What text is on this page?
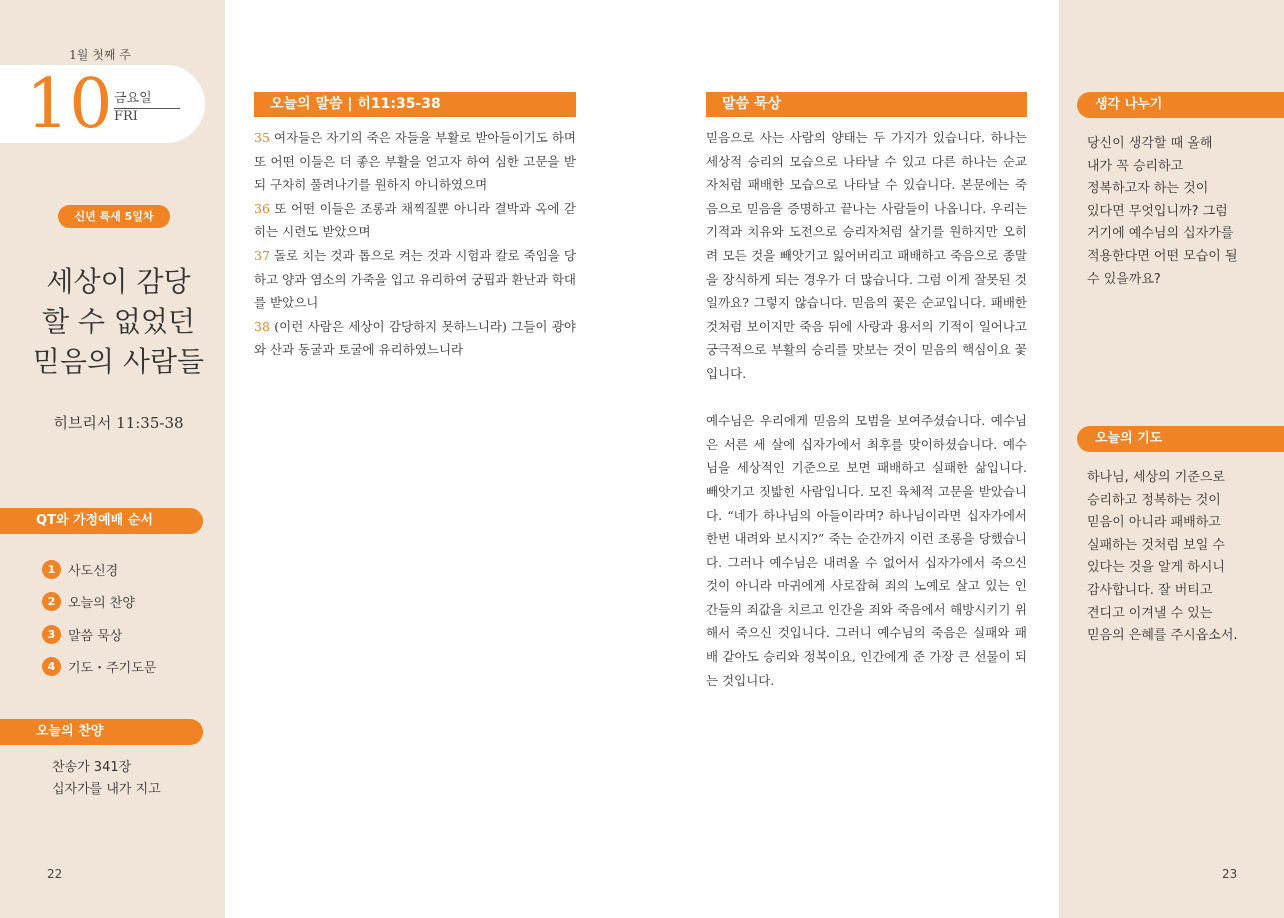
1월 첫째 주
10 금요일
FRI
신년 특새 5일차
세상이 감당
할 수 없었던
믿음의 사람들
히브리서 11:35-38
QT와 가정예배 순서
1 사도신경
2 오늘의 찬양
3 말씀 묵상
4 기도・주기도문
오늘의 찬양
찬송가 341장
십자가를 내가 지고
22
오늘의 말씀 | 히11:35-38
35 여자들은 자기의 죽은 자들을 부활로 받아들이기도 하며 또 어떤 이들은 더 좋은 부활을 얻고자 하여 심한 고문을 받되 구차히 풀려나기를 원하지 아니하였으며
36 또 어떤 이들은 조롱과 채찍질뿐 아니라 결박과 옥에 갇히는 시련도 받았으며
37 돌로 치는 것과 톱으로 켜는 것과 시험과 칼로 죽임을 당하고 양과 염소의 가죽을 입고 유리하여 궁핍과 환난과 학대를 받았으니
38 (이런 사람은 세상이 감당하지 못하느니라) 그들이 광야와 산과 동굴과 토굴에 유리하였느니라
말씀 묵상

믿음으로 사는 사람의 양태는 두 가지가 있습니다. 하나는 세상적 승리의 모습으로 나타날 수 있고 다른 하나는 순교자처럼 패배한 모습으로 나타날 수 있습니다. 본문에는 죽음으로 믿음을 증명하고 끝나는 사람들이 나옵니다. 우리는 기적과 치유와 도전으로 승리자처럼 살기를 원하지만 오히려 모든 것을 빼앗기고 잃어버리고 패배하고 죽음으로 종말을 장식하게 되는 경우가 더 많습니다. 그럼 이게 잘못된 것일까요? 그렇지 않습니다. 믿음의 꽃은 순교입니다. 패배한 것처럼 보이지만 죽음 뒤에 사랑과 용서의 기적이 일어나고 궁극적으로 부활의 승리를 맛보는 것이 믿음의 핵심이요 꽃입니다.

예수님은 우리에게 믿음의 모범을 보여주셨습니다. 예수님은 서른 세 살에 십자가에서 최후를 맞이하셨습니다. 예수님을 세상적인 기준으로 보면 패배하고 실패한 삶입니다. 빼앗기고 짓밟힌 사람입니다. 모진 육체적 고문을 받았습니다. “네가 하나님의 아들이라며? 하나님이라면 십자가에서 한번 내려와 보시지?” 죽는 순간까지 이런 조롱을 당했습니다. 그러나 예수님은 내려올 수 없어서 십자가에서 죽으신 것이 아니라 마귀에게 사로잡혀 죄의 노예로 살고 있는 인간들의 죄값을 치르고 인간을 죄와 죽음에서 해방시키기 위해서 죽으신 것입니다. 그러니 예수님의 죽음은 실패와 패배 같아도 승리와 정복이요, 인간에게 준 가장 큰 선물이 되는 것입니다.

생각 나누기
당신이 생각할 때 올해
내가 꼭 승리하고
정복하고자 하는 것이
있다면 무엇입니까? 그럼
거기에 예수님의 십자가를
적용한다면 어떤 모습이 될
수 있을까요?
오늘의 기도
하나님, 세상의 기준으로
승리하고 정복하는 것이
믿음이 아니라 패배하고
실패하는 것처럼 보일 수
있다는 것을 알게 하시니
감사합니다. 잘 버티고
견디고 이겨낼 수 있는
믿음의 은혜를 주시옵소서.
23
